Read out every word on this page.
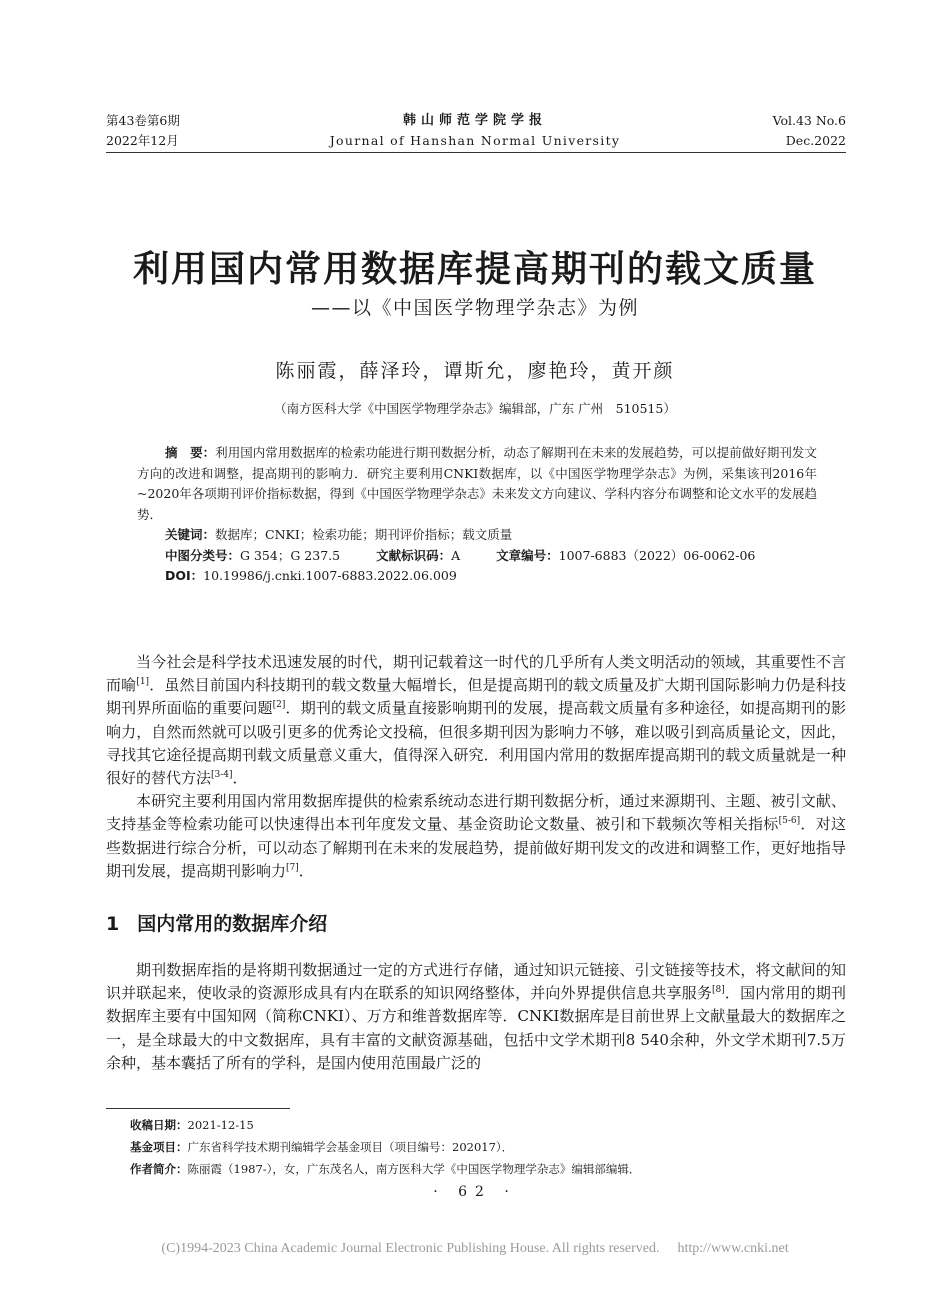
第43卷第6期
2022年12月
韩山师范学院学报
Journal of Hanshan Normal University
Vol.43 No.6
Dec.2022
利用国内常用数据库提高期刊的载文质量
——以《中国医学物理学杂志》为例
陈丽霞，薛泽玲，谭斯允，廖艳玲，黄开颜
（南方医科大学《中国医学物理学杂志》编辑部，广东 广州　510515）

摘　要：利用国内常用数据库的检索功能进行期刊数据分析，动态了解期刊在未来的发展趋势，可以提前做好期刊发文方向的改进和调整，提高期刊的影响力．研究主要利用CNKI数据库，以《中国医学物理学杂志》为例，采集该刊2016年~2020年各项期刊评价指标数据，得到《中国医学物理学杂志》未来发文方向建议、学科内容分布调整和论文水平的发展趋势．

关键词：数据库；CNKI；检索功能；期刊评价指标；载文质量
中图分类号：G 354；G 237.5	文献标识码：A	文章编号：1007-6883（2022）06-0062-06
DOI：10.19986/j.cnki.1007-6883.2022.06.009

当今社会是科学技术迅速发展的时代，期刊记载着这一时代的几乎所有人类文明活动的领域，其重要性不言而喻[1]．虽然目前国内科技期刊的载文数量大幅增长，但是提高期刊的载文质量及扩大期刊国际影响力仍是科技期刊界所面临的重要问题[2]．期刊的载文质量直接影响期刊的发展，提高载文质量有多种途径，如提高期刊的影响力，自然而然就可以吸引更多的优秀论文投稿，但很多期刊因为影响力不够，难以吸引到高质量论文，因此，寻找其它途径提高期刊载文质量意义重大，值得深入研究．利用国内常用的数据库提高期刊的载文质量就是一种很好的替代方法[3-4]．

本研究主要利用国内常用数据库提供的检索系统动态进行期刊数据分析，通过来源期刊、主题、被引文献、支持基金等检索功能可以快速得出本刊年度发文量、基金资助论文数量、被引和下载频次等相关指标[5-6]．对这些数据进行综合分析，可以动态了解期刊在未来的发展趋势，提前做好期刊发文的改进和调整工作，更好地指导期刊发展，提高期刊影响力[7]．

1 国内常用的数据库介绍

期刊数据库指的是将期刊数据通过一定的方式进行存储，通过知识元链接、引文链接等技术，将文献间的知识并联起来，使收录的资源形成具有内在联系的知识网络整体，并向外界提供信息共享服务[8]．国内常用的期刊数据库主要有中国知网（简称CNKI）、万方和维普数据库等．CNKI数据库是目前世界上文献量最大的数据库之一，是全球最大的中文数据库，具有丰富的文献资源基础，包括中文学术期刊8 540余种，外文学术期刊7.5万余种，基本囊括了所有的学科，是国内使用范围最广泛的

收稿日期：2021-12-15
基金项目：广东省科学技术期刊编辑学会基金项目（项目编号：202017）．
作者简介：陈丽霞（1987-），女，广东茂名人，南方医科大学《中国医学物理学杂志》编辑部编辑．
· 62 ·
(C)1994-2023 China Academic Journal Electronic Publishing House. All rights reserved. http://www.cnki.net
